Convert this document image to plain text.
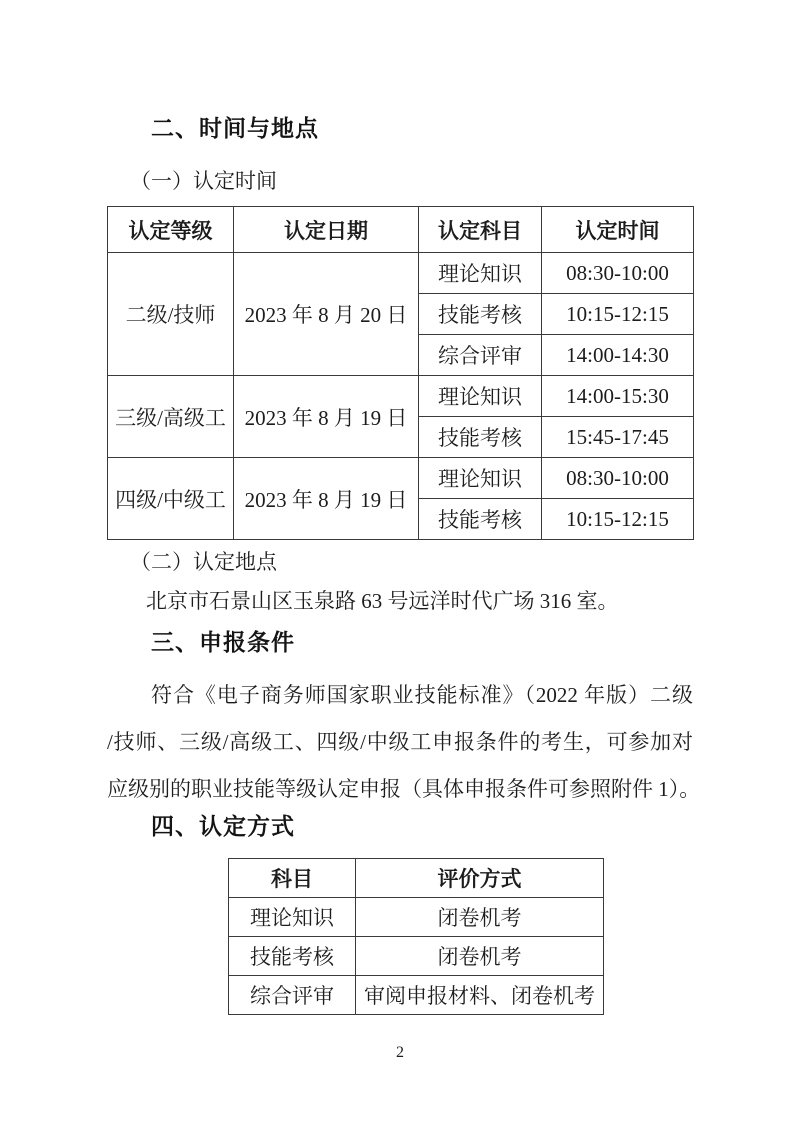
二、时间与地点
（一）认定时间
认定等级	认定日期	认定科目	认定时间
二级/技师	2023 年 8 月 20 日	理论知识	08:30-10:00
		技能考核	10:15-12:15
		综合评审	14:00-14:30
三级/高级工	2023 年 8 月 19 日	理论知识	14:00-15:30
		技能考核	15:45-17:45
四级/中级工	2023 年 8 月 19 日	理论知识	08:30-10:00
		技能考核	10:15-12:15
（二）认定地点
北京市石景山区玉泉路 63 号远洋时代广场 316 室。
三、申报条件
符合《电子商务师国家职业技能标准》（2022 年版）二级
/技师、三级/高级工、四级/中级工申报条件的考生，可参加对
应级别的职业技能等级认定申报（具体申报条件可参照附件 1）。
四、认定方式
科目	评价方式
理论知识	闭卷机考
技能考核	闭卷机考
综合评审	审阅申报材料、闭卷机考
2
